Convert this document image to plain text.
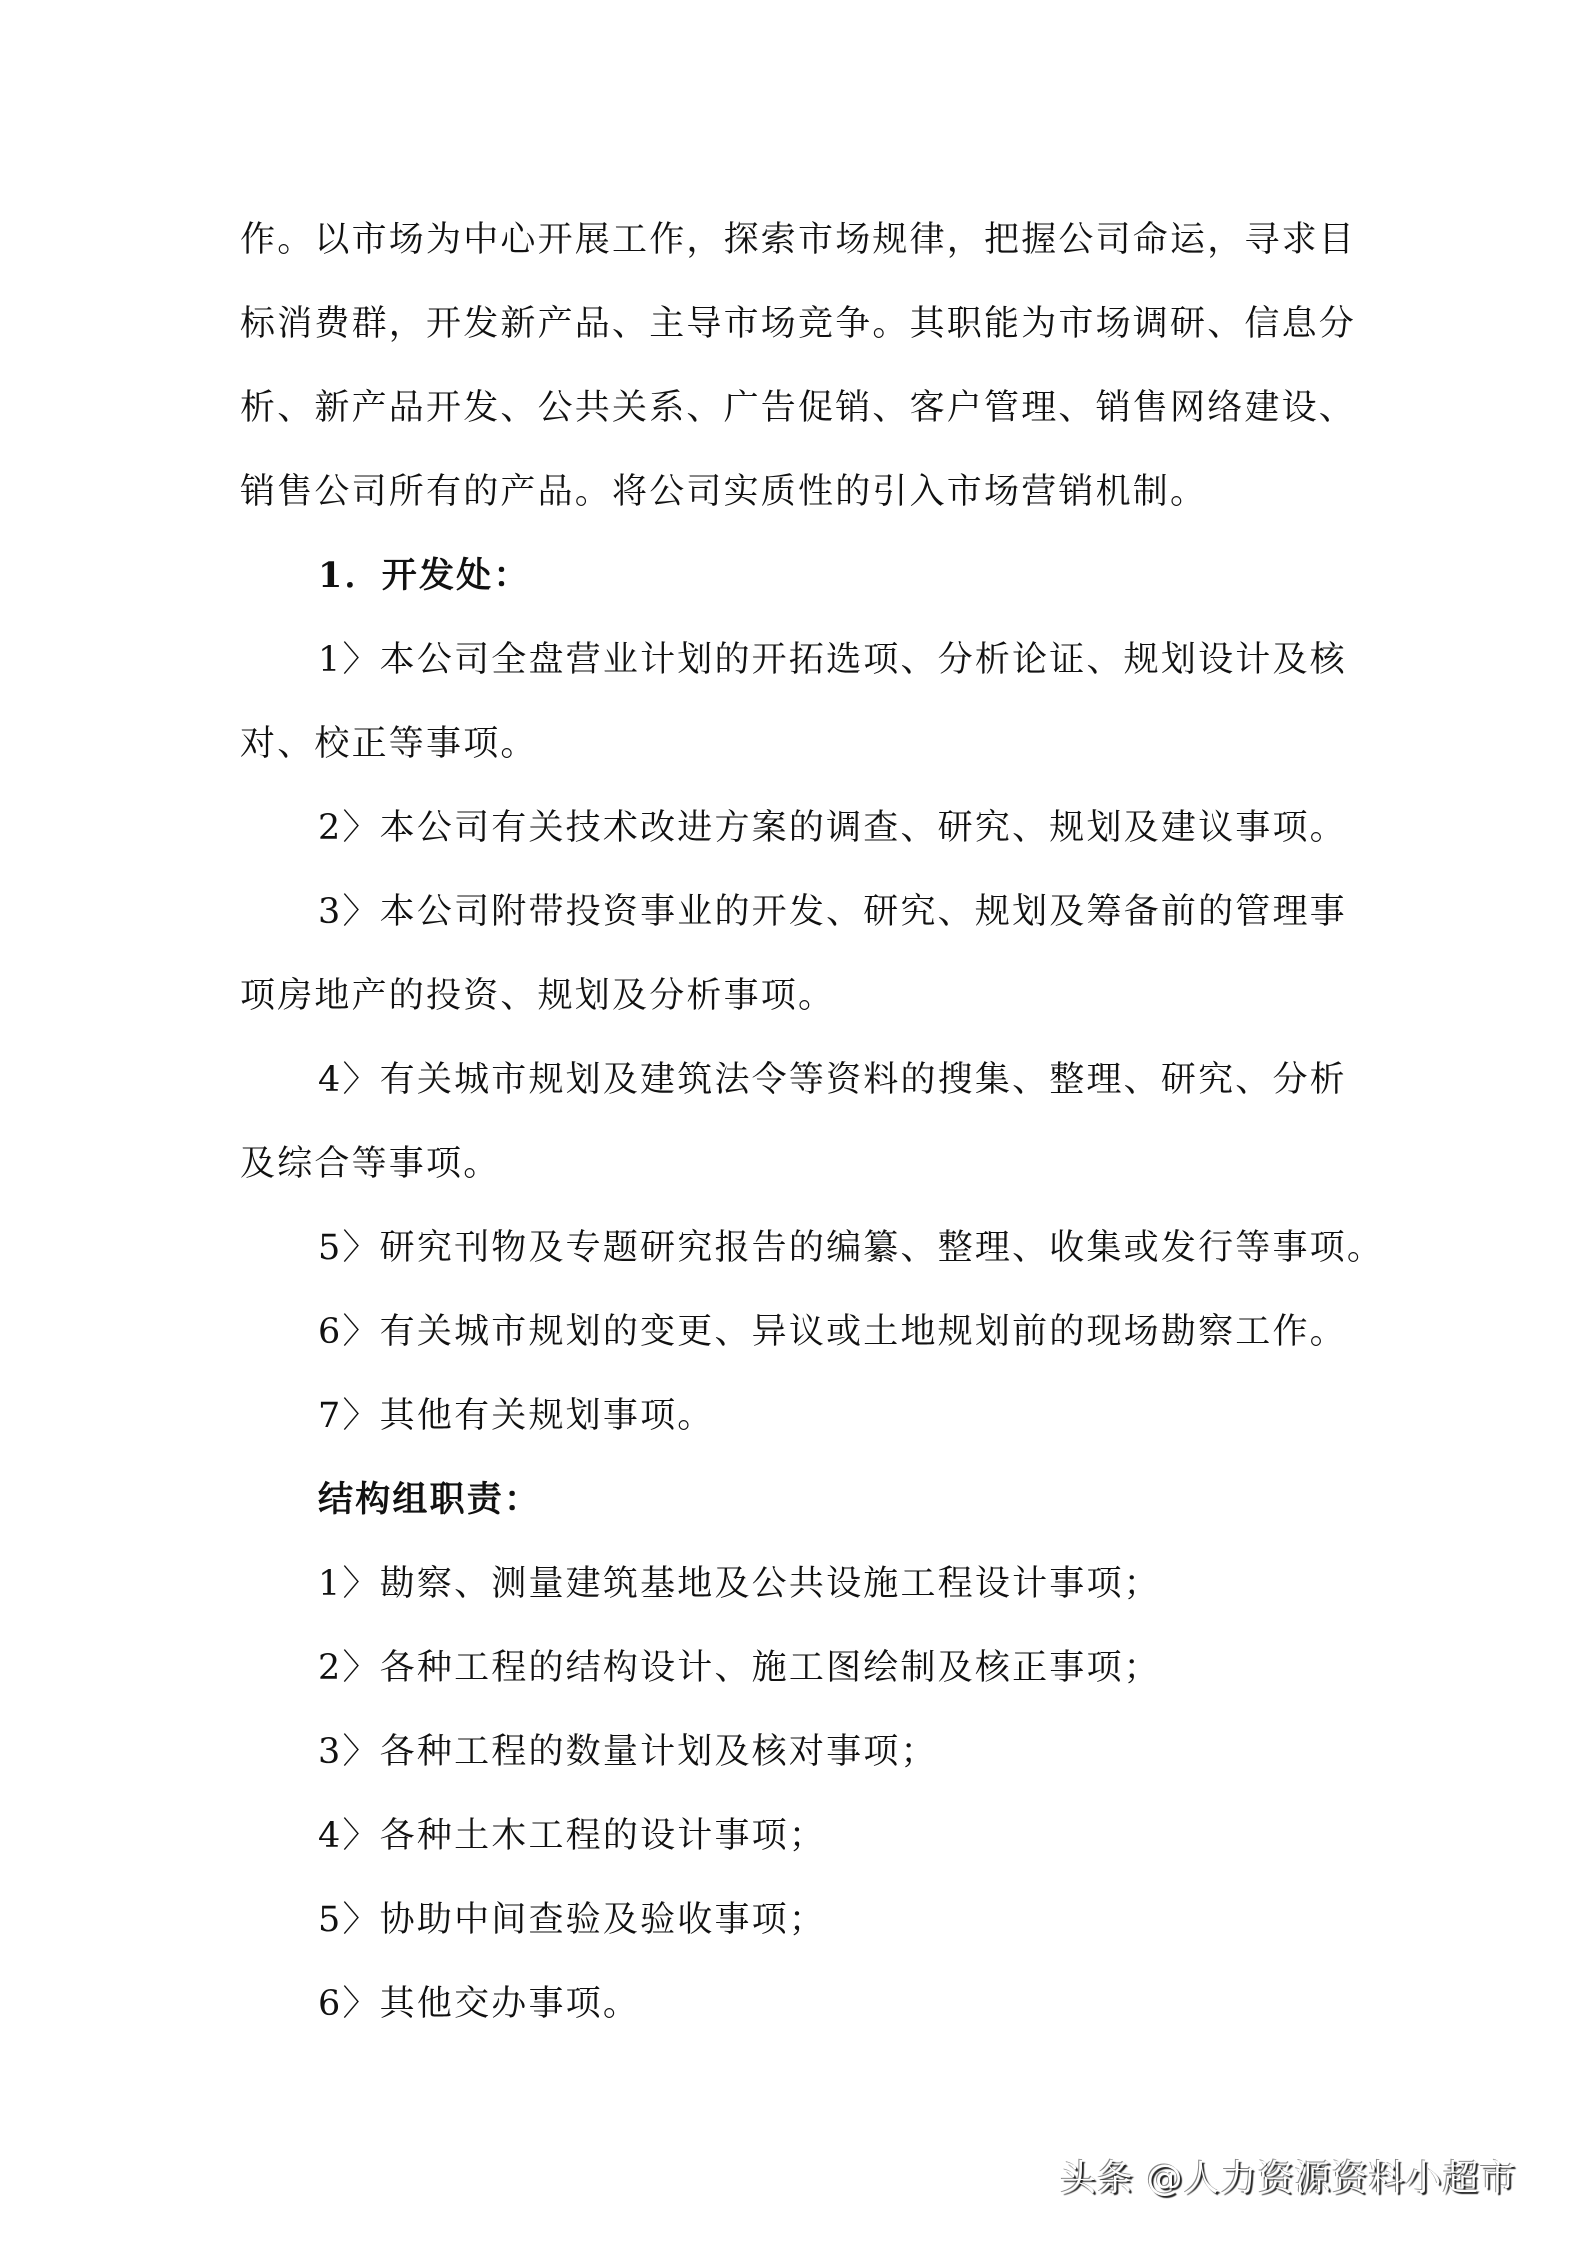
作。以市场为中心开展工作，探索市场规律，把握公司命运，寻求目
标消费群，开发新产品、主导市场竞争。其职能为市场调研、信息分
析、新产品开发、公共关系、广告促销、客户管理、销售网络建设、
销售公司所有的产品。将公司实质性的引入市场营销机制。
1．开发处：
1〉本公司全盘营业计划的开拓选项、分析论证、规划设计及核
对、校正等事项。
2〉本公司有关技术改进方案的调查、研究、规划及建议事项。
3〉本公司附带投资事业的开发、研究、规划及筹备前的管理事
项房地产的投资、规划及分析事项。
4〉有关城市规划及建筑法令等资料的搜集、整理、研究、分析
及综合等事项。
5〉研究刊物及专题研究报告的编纂、整理、收集或发行等事项。
6〉有关城市规划的变更、异议或土地规划前的现场勘察工作。
7〉其他有关规划事项。
结构组职责：
1〉勘察、测量建筑基地及公共设施工程设计事项；
2〉各种工程的结构设计、施工图绘制及核正事项；
3〉各种工程的数量计划及核对事项；
4〉各种土木工程的设计事项；
5〉协助中间查验及验收事项；
6〉其他交办事项。
头条 @人力资源资料小超市
